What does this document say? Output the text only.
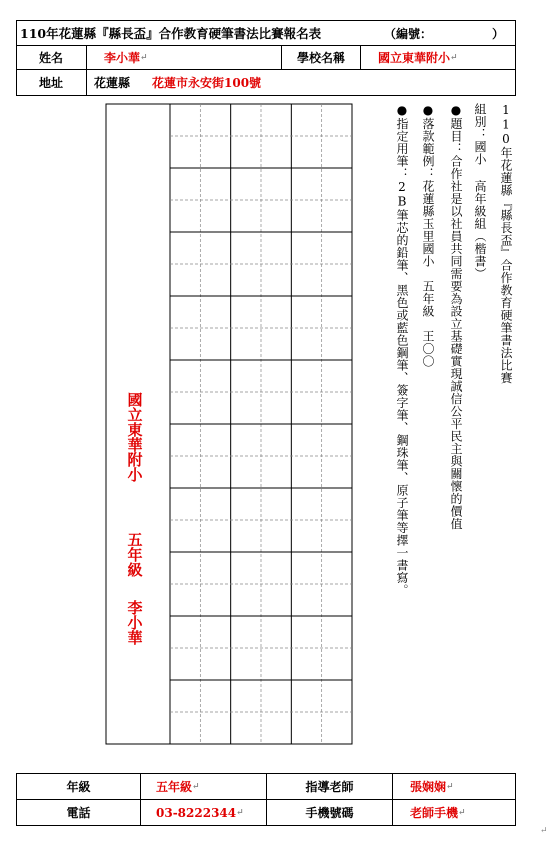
110年花蓮縣『縣長盃』合作教育硬筆書法比賽報名表	（編號：	）
姓名	李小華 ↵	學校名稱	國立東華附小 ↵
地址	花蓮縣	花蓮市永安街100號
國立東華附小
五年級
李小華
110年花蓮縣『縣長盃』合作教育硬筆書法比賽
組別：國小 高年級組（楷書）
●題目：合作社是以社員共同需要為設立基礎實現誠信公平民主與關懷的價值
●落款範例：花蓮縣玉里國小　五年級　王〇〇
●指定用筆：2B筆芯的鉛筆、黑色或藍色鋼筆、簽字筆、鋼珠筆、原子筆等擇一書寫。
年級	五年級 ↵	指導老師	張娴娴 ↵
電話	03-8222344 ↵	手機號碼	老師手機 ↵
↵
